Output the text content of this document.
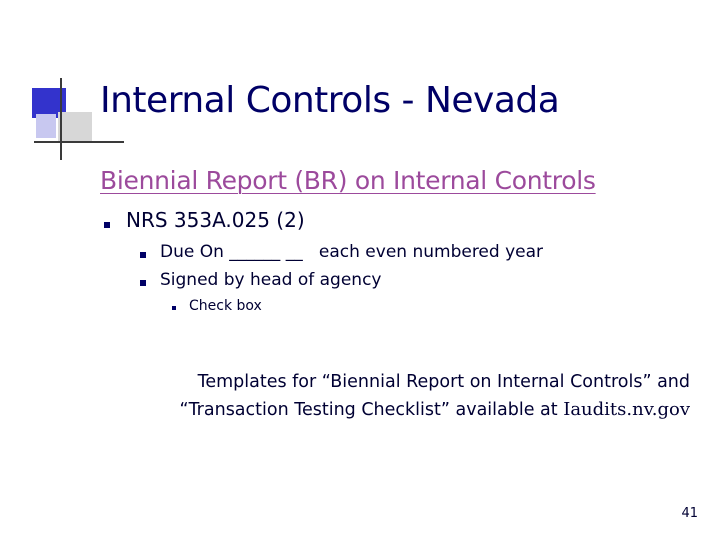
Internal Controls - Nevada
Biennial Report (BR) on Internal Controls
NRS 353A.025 (2)
Due On ______ __   each even numbered year
Signed by head of agency
Check box
Templates for “Biennial Report on Internal Controls” and
“Transaction Testing Checklist” available at Iaudits.nv.gov
41
